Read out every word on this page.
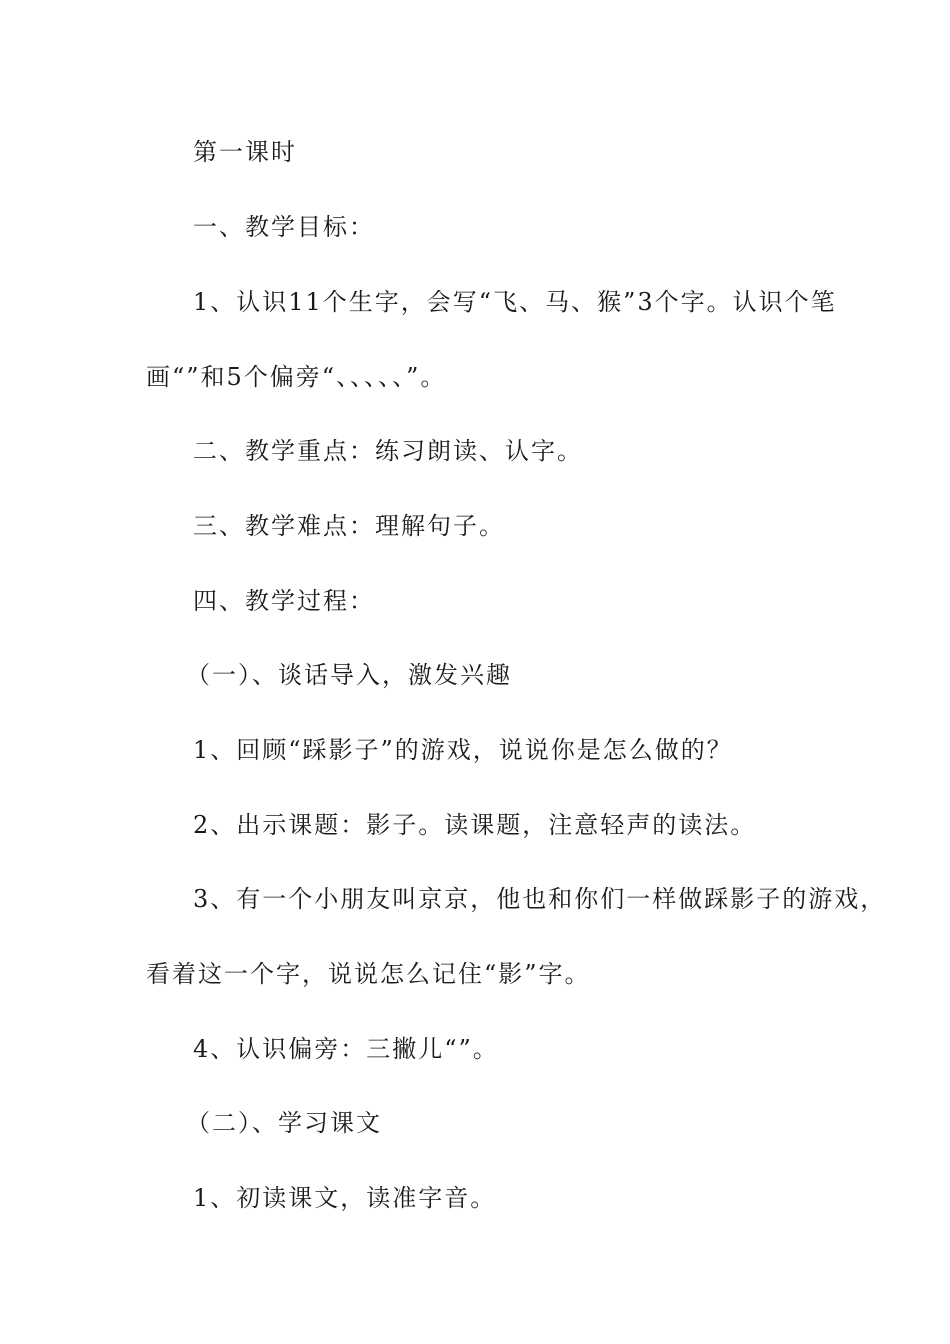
第一课时
一、教学目标：
1、认识11个生字，会写“飞、马、猴”3个字。认识个笔
画“”和5个偏旁“、、、、、”。
二、教学重点：练习朗读、认字。
三、教学难点：理解句子。
四、教学过程：
（一）、谈话导入，激发兴趣
1、回顾“踩影子”的游戏，说说你是怎么做的？
2、出示课题：影子。读课题，注意轻声的读法。
3、有一个小朋友叫京京，他也和你们一样做踩影子的游戏，
看着这一个字，说说怎么记住“影”字。
4、认识偏旁：三撇儿“”。
（二）、学习课文
1、初读课文，读准字音。
